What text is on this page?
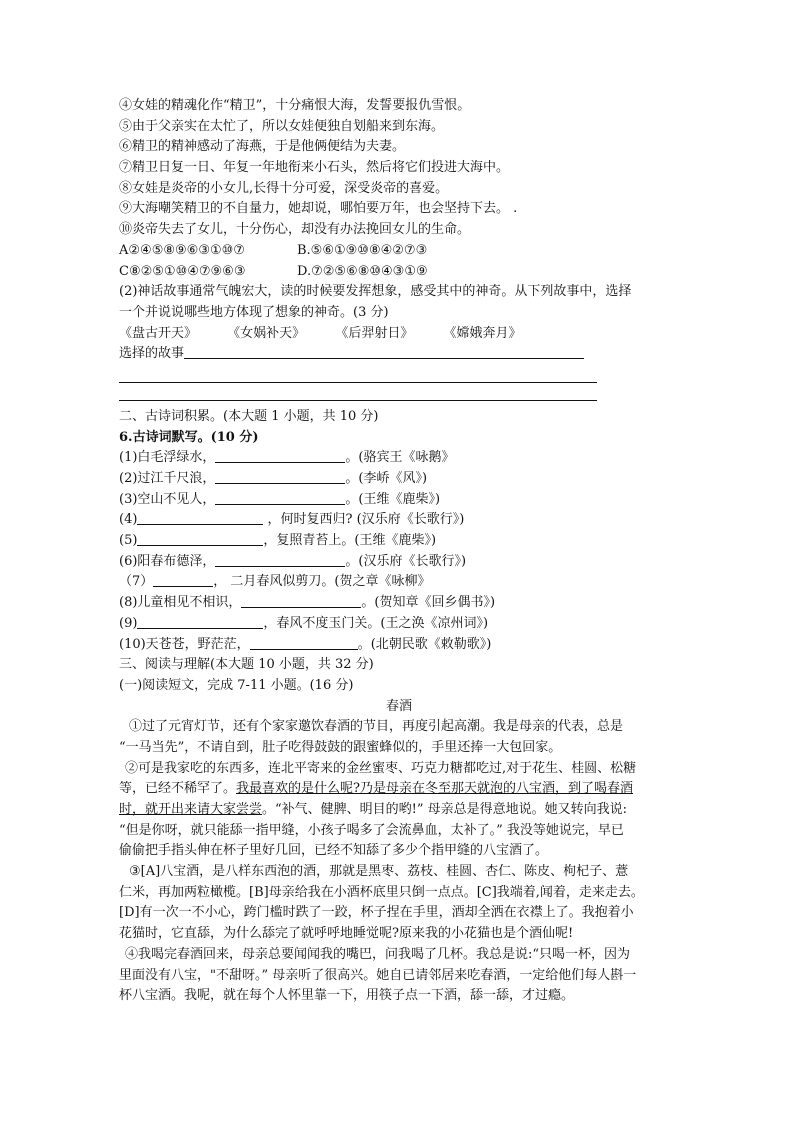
④女娃的精魂化作“精卫”，十分痛恨大海，发誓要报仇雪恨。
⑤由于父亲实在太忙了，所以女娃便独自划船来到东海。
⑥精卫的精神感动了海燕，于是他俩便结为夫妻。
⑦精卫日复一日、年复一年地衔来小石头，然后将它们投进大海中。
⑧女娃是炎帝的小女儿,长得十分可爱，深受炎帝的喜爱。
⑨大海嘲笑精卫的不自量力，她却说，哪怕要万年，也会坚持下去。 .
⑩炎帝失去了女儿，十分伤心，却没有办法挽回女儿的生命。
A②④⑤⑧⑨⑥③①⑩⑦	B.⑤⑥①⑨⑩⑧④②⑦③
C⑧②⑤①⑩④⑦⑨⑥③	D.⑦②⑤⑥⑧⑩④③①⑨
(2)神话故事通常气魄宏大，读的时候要发挥想象，感受其中的神奇。从下列故事中，选择
一个并说说哪些地方体现了想象的神奇。(3 分)
《盘古开天》 《女娲补天》 《后羿射日》 《嫦娥奔月》
选择的故事
二、古诗词积累。(本大题 1 小题，共 10 分)
6.古诗词默写。(10 分)
(1)白毛浮绿水，	。(骆宾王《咏鹅》
(2)过江千尺浪，	。(李峤《风》)
(3)空山不见人，	。(王维《鹿柴》)
(4)	，何时复西归? (汉乐府《长歌行》)
(5)	，复照青苔上。(王维《鹿柴》)
(6)阳春布德泽，	。(汉乐府《长歌行》)
（7）	， 二月春风似剪刀。(贺之章《咏柳》
(8)儿童相见不相识，	。(贺知章《回乡偶书》)
(9)	，春风不度玉门关。(王之涣《凉州词》)
(10)天苍苍，野茫茫，	。(北朝民歌《敕勒歌》)
三、阅读与理解(本大题 10 小题，共 32 分)
(一)阅读短文，完成 7-11 小题。(16 分)
春酒
①过了元宵灯节，还有个家家邀饮春酒的节目，再度引起高潮。我是母亲的代表，总是
“一马当先”，不请自到，肚子吃得鼓鼓的跟蜜蜂似的，手里还捧一大包回家。
②可是我家吃的东西多，连北平寄来的金丝蜜枣、巧克力糖都吃过,对于花生、桂圆、松糖
等，已经不稀罕了。我最喜欢的是什么呢?乃是母亲在冬至那天就泡的八宝酒，到了喝春酒
时，就开出来请大家尝尝。“补气、健脾、明目的哟!” 母亲总是得意地说。她又转向我说:
“但是你呀，就只能舔一指甲缝，小孩子喝多了会流鼻血，太补了。” 我没等她说完，早已
偷偷把手指头伸在杯子里好几回，已经不知舔了多少个指甲缝的八宝酒了。
③[A]八宝酒，是八样东西泡的酒，那就是黑枣、荔枝、桂圆、杏仁、陈皮、枸杞子、薏
仁米，再加两粒橄榄。[B]母亲给我在小酒杯底里只倒一点点。[C]我端着,闻着，走来走去。
[D]有一次一不小心，跨门槛时跌了一跤，杯子捏在手里，酒却全洒在衣襟上了。我抱着小
花猫时，它直舔，为什么舔完了就呼呼地睡觉呢?原来我的小花猫也是个酒仙呢!
④我喝完春酒回来，母亲总要闻闻我的嘴巴，问我喝了几杯。我总是说:“只喝一杯，因为
里面没有八宝，"不甜呀。” 母亲听了很高兴。她自已请邻居来吃春酒，一定给他们每人斟一
杯八宝酒。我呢，就在每个人怀里靠一下，用筷子点一下酒，舔一舔，才过瘾。
